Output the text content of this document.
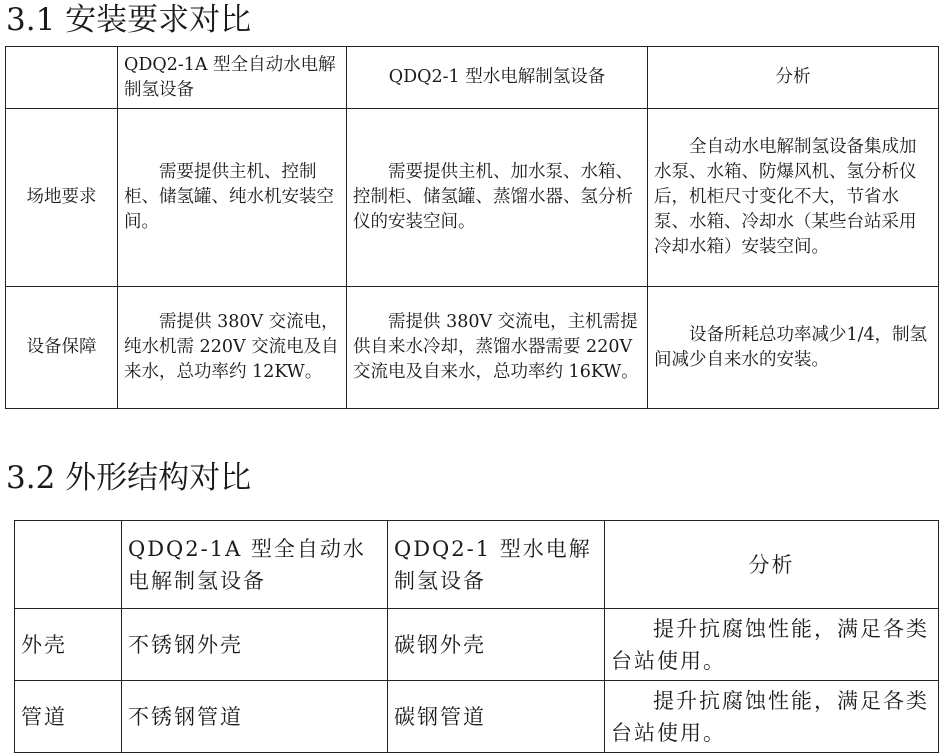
3.1 安装要求对比
	QDQ2-1A 型全自动水电解制氢设备	QDQ2-1 型水电解制氢设备	分析
场地要求	需要提供主机、控制柜、储氢罐、纯水机安装空间。	需要提供主机、加水泵、水箱、控制柜、储氢罐、蒸馏水器、氢分析仪的安装空间。	全自动水电解制氢设备集成加水泵、水箱、防爆风机、氢分析仪后，机柜尺寸变化不大，节省水泵、水箱、冷却水（某些台站采用冷却水箱）安装空间。
设备保障	需提供 380V 交流电，纯水机需 220V 交流电及自来水，总功率约 12KW。	需提供 380V 交流电，主机需提供自来水冷却，蒸馏水器需要 220V 交流电及自来水，总功率约 16KW。	设备所耗总功率减少1/4，制氢间减少自来水的安装。
3.2 外形结构对比
	QDQ2-1A 型全自动水电解制氢设备	QDQ2-1 型水电解制氢设备	分析
外壳	不锈钢外壳	碳钢外壳	提升抗腐蚀性能，满足各类台站使用。
管道	不锈钢管道	碳钢管道	提升抗腐蚀性能，满足各类台站使用。
